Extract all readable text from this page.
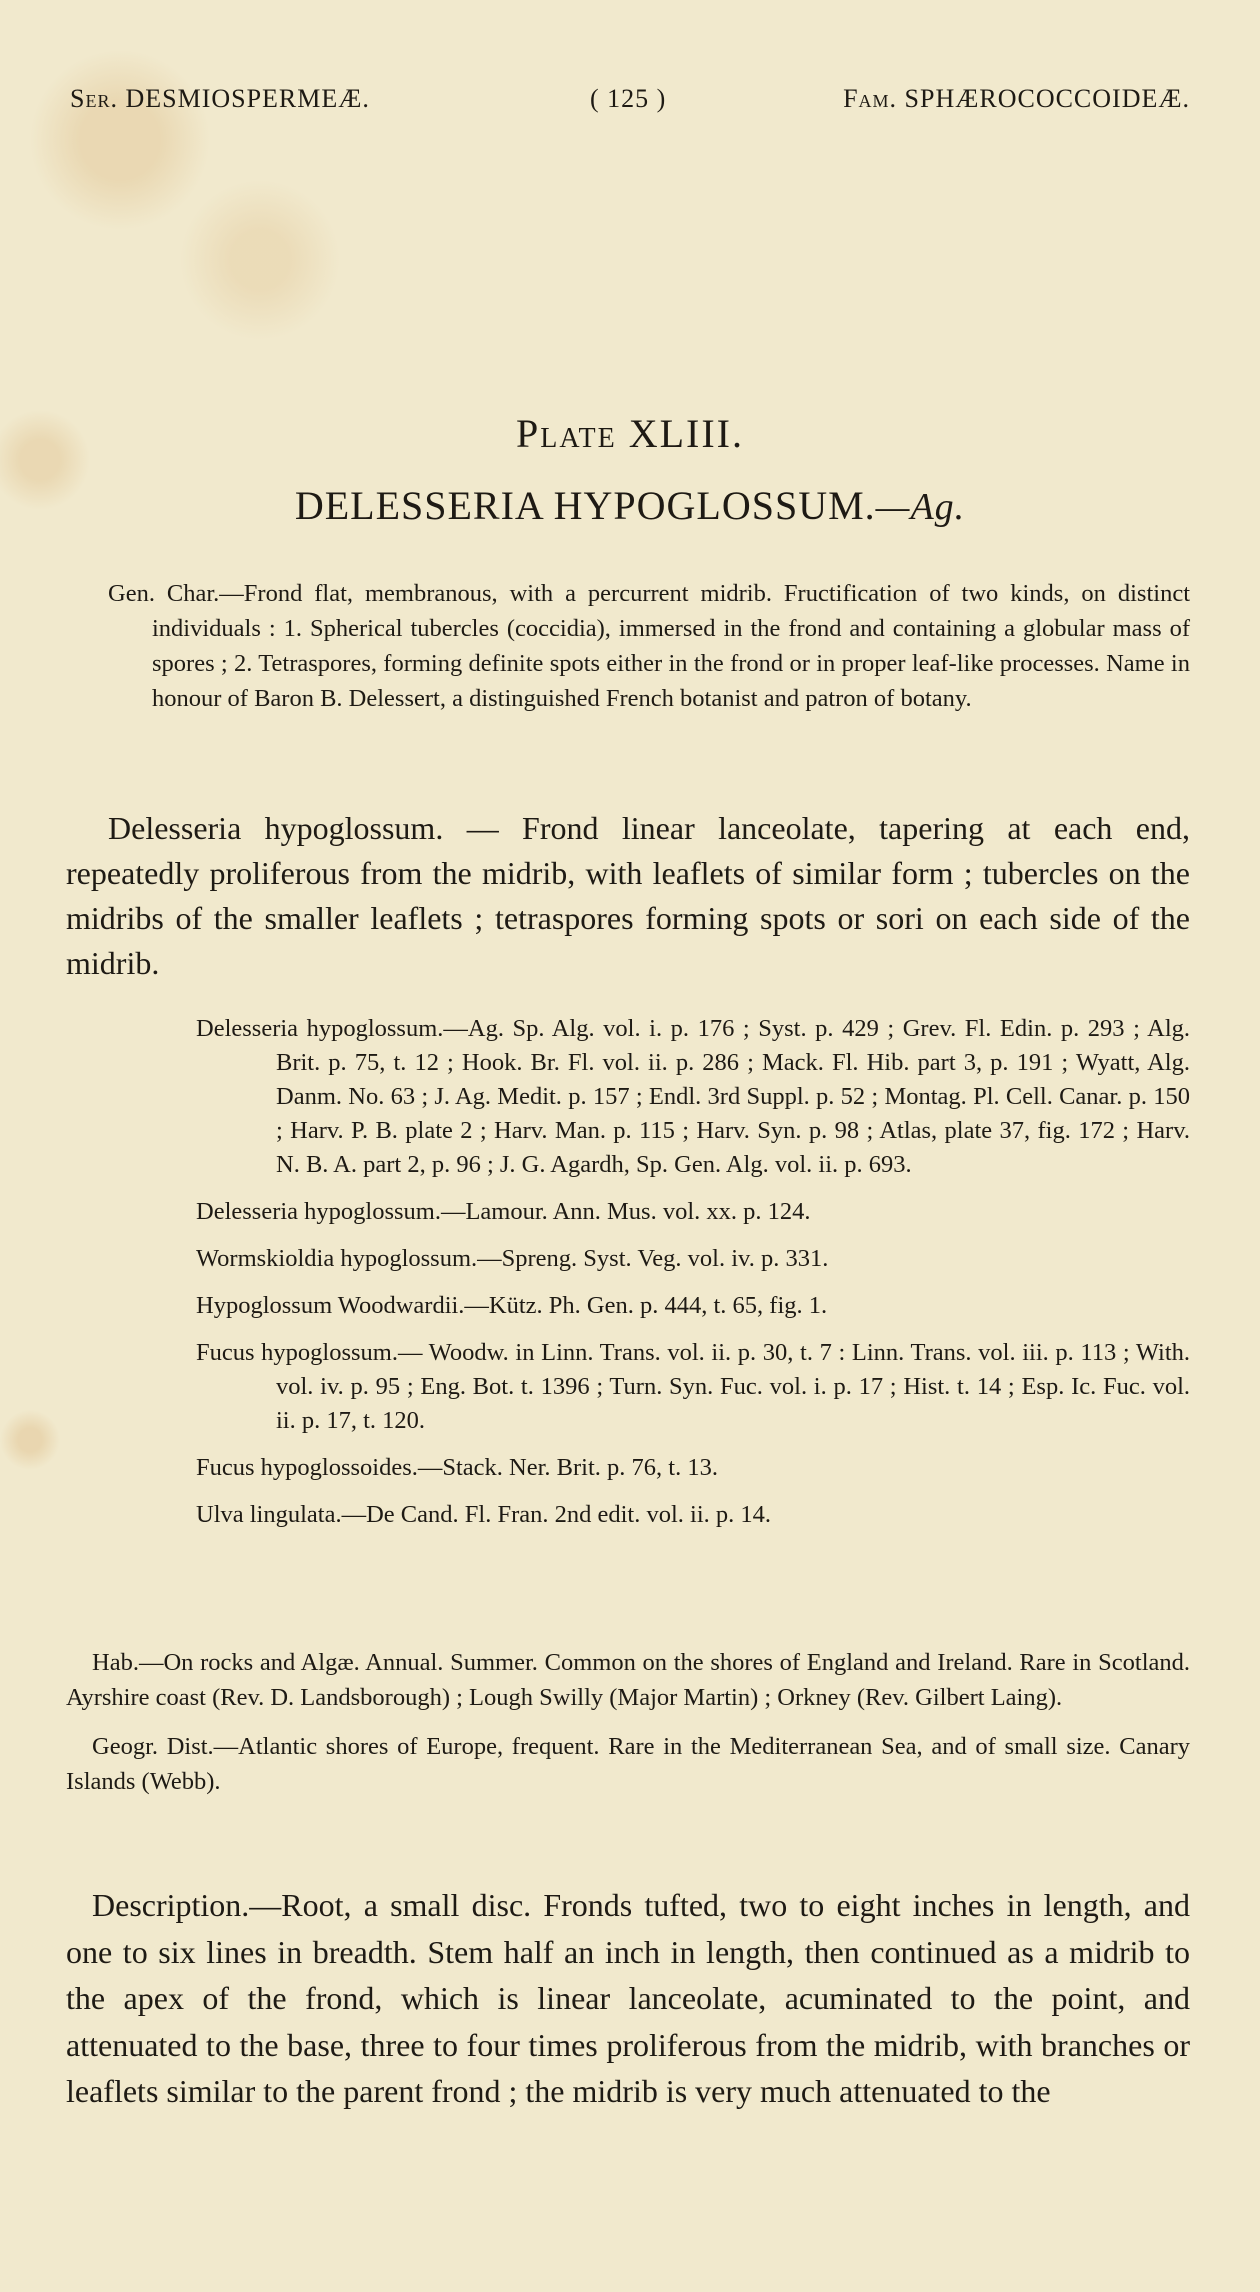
Ser. DESMIOSPERMEÆ.	( 125 )	Fam. SPHÆROCOCCOIDEÆ.
Plate XLIII.
DELESSERIA HYPOGLOSSUM.—Ag.

Gen. Char.—Frond flat, membranous, with a percurrent midrib. Fructification of two kinds, on distinct individuals : 1. Spherical tubercles (coccidia), immersed in the frond and containing a globular mass of spores ; 2. Tetraspores, forming definite spots either in the frond or in proper leaf-like processes. Name in honour of Baron B. Delessert, a distinguished French botanist and patron of botany.

Delesseria hypoglossum. — Frond linear lanceolate, tapering at each end, repeatedly proliferous from the midrib, with leaflets of similar form ; tubercles on the midribs of the smaller leaflets ; tetraspores forming spots or sori on each side of the midrib.

Delesseria hypoglossum.—Ag. Sp. Alg. vol. i. p. 176 ; Syst. p. 429 ; Grev. Fl. Edin. p. 293 ; Alg. Brit. p. 75, t. 12 ; Hook. Br. Fl. vol. ii. p. 286 ; Mack. Fl. Hib. part 3, p. 191 ; Wyatt, Alg. Danm. No. 63 ; J. Ag. Medit. p. 157 ; Endl. 3rd Suppl. p. 52 ; Montag. Pl. Cell. Canar. p. 150 ; Harv. P. B. plate 2 ; Harv. Man. p. 115 ; Harv. Syn. p. 98 ; Atlas, plate 37, fig. 172 ; Harv. N. B. A. part 2, p. 96 ; J. G. Agardh, Sp. Gen. Alg. vol. ii. p. 693.

Delesseria hypoglossum.—Lamour. Ann. Mus. vol. xx. p. 124.

Wormskioldia hypoglossum.—Spreng. Syst. Veg. vol. iv. p. 331.

Hypoglossum Woodwardii.—Kütz. Ph. Gen. p. 444, t. 65, fig. 1.

Fucus hypoglossum.— Woodw. in Linn. Trans. vol. ii. p. 30, t. 7 : Linn. Trans. vol. iii. p. 113 ; With. vol. iv. p. 95 ; Eng. Bot. t. 1396 ; Turn. Syn. Fuc. vol. i. p. 17 ; Hist. t. 14 ; Esp. Ic. Fuc. vol. ii. p. 17, t. 120.

Fucus hypoglossoides.—Stack. Ner. Brit. p. 76, t. 13.

Ulva lingulata.—De Cand. Fl. Fran. 2nd edit. vol. ii. p. 14.

Hab.—On rocks and Algæ. Annual. Summer. Common on the shores of England and Ireland. Rare in Scotland. Ayrshire coast (Rev. D. Landsborough) ; Lough Swilly (Major Martin) ; Orkney (Rev. Gilbert Laing).

Geogr. Dist.—Atlantic shores of Europe, frequent. Rare in the Mediterranean Sea, and of small size. Canary Islands (Webb).

Description.—Root, a small disc. Fronds tufted, two to eight inches in length, and one to six lines in breadth. Stem half an inch in length, then continued as a midrib to the apex of the frond, which is linear lanceolate, acuminated to the point, and attenuated to the base, three to four times proliferous from the midrib, with branches or leaflets similar to the parent frond ; the midrib is very much attenuated to the
